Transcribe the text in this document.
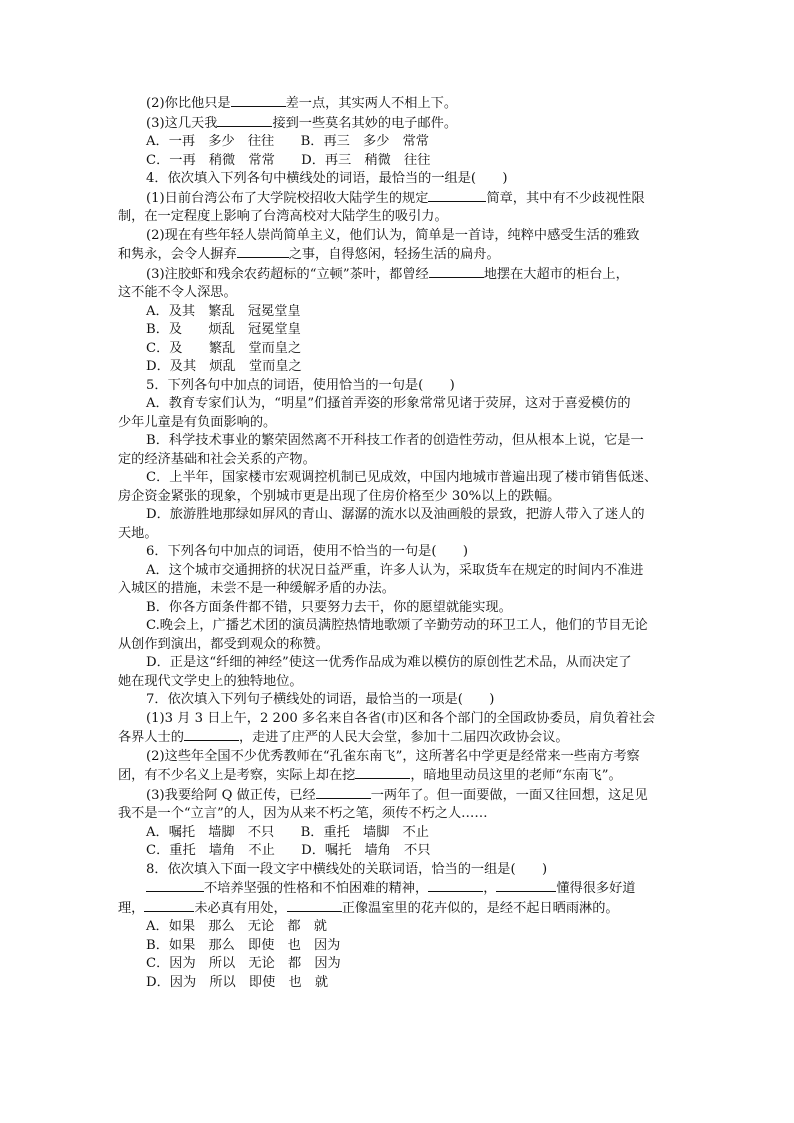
(2)你比他只是	差一点，其实两人不相上下。

(3)这几天我	接到一些莫名其妙的电子邮件。

A．一再　多少　往往　　B．再三　多少　常常

C．一再　稍微　常常　　D．再三　稍微　往往

4．依次填入下列各句中横线处的词语，最恰当的一组是(　　)

(1)日前台湾公布了大学院校招收大陆学生的规定	简章，其中有不少歧视性限

制，在一定程度上影响了台湾高校对大陆学生的吸引力。

(2)现在有些年轻人崇尚简单主义，他们认为，简单是一首诗，纯粹中感受生活的雅致

和隽永，会令人摒弃	之事，自得悠闲，轻扬生活的扁舟。

(3)注胶虾和残余农药超标的“立顿”茶叶，都曾经	地摆在大超市的柜台上，

这不能不令人深思。

A．及其　繁乱　冠冕堂皇

B．及　　烦乱　冠冕堂皇

C．及　　繁乱　堂而皇之

D．及其　烦乱　堂而皇之

5．下列各句中加点的词语，使用恰当的一句是(　　)

A．教育专家们认为，“明星”们搔首弄姿的形象常常见诸于荧屏，这对于喜爱模仿的

少年儿童是有负面影响的。

B．科学技术事业的繁荣固然离不开科技工作者的创造性劳动，但从根本上说，它是一

定的经济基础和社会关系的产物。

C．上半年，国家楼市宏观调控机制已见成效，中国内地城市普遍出现了楼市销售低迷、

房企资金紧张的现象，个别城市更是出现了住房价格至少 30%以上的跌幅。

D．旅游胜地那绿如屏风的青山、潺潺的流水以及油画般的景致，把游人带入了迷人的

天地。

6．下列各句中加点的词语，使用不恰当的一句是(　　)

A．这个城市交通拥挤的状况日益严重，许多人认为，采取货车在规定的时间内不准进

入城区的措施，未尝不是一种缓解矛盾的办法。

B．你各方面条件都不错，只要努力去干，你的愿望就能实现。

C.晚会上，广播艺术团的演员满腔热情地歌颂了辛勤劳动的环卫工人，他们的节目无论

从创作到演出，都受到观众的称赞。

D．正是这“纤细的神经”使这一优秀作品成为难以模仿的原创性艺术品，从而决定了

她在现代文学史上的独特地位。

7．依次填入下列句子横线处的词语，最恰当的一项是(　　)

(1)3 月 3 日上午，2 200 多名来自各省(市)区和各个部门的全国政协委员，肩负着社会

各界人士的	，走进了庄严的人民大会堂，参加十二届四次政协会议。

(2)这些年全国不少优秀教师在“孔雀东南飞”，这所著名中学更是经常来一些南方考察

团，有不少名义上是考察，实际上却在挖	，暗地里动员这里的老师“东南飞”。

(3)我要给阿 Q 做正传，已经	一两年了。但一面要做，一面又往回想，这足见

我不是一个“立言”的人，因为从来不朽之笔，须传不朽之人……

A．嘱托　墙脚　不只　　B．重托　墙脚　不止

C．重托　墙角　不止　　D．嘱托　墙角　不只

8．依次填入下面一段文字中横线处的关联词语，恰当的一组是(　　)

不培养坚强的性格和不怕困难的精神，	，	懂得很多好道

理，	未必真有用处，	正像温室里的花卉似的，是经不起日晒雨淋的。

A．如果　那么　无论　都　就

B．如果　那么　即使　也　因为

C．因为　所以　无论　都　因为

D．因为　所以　即使　也　就
